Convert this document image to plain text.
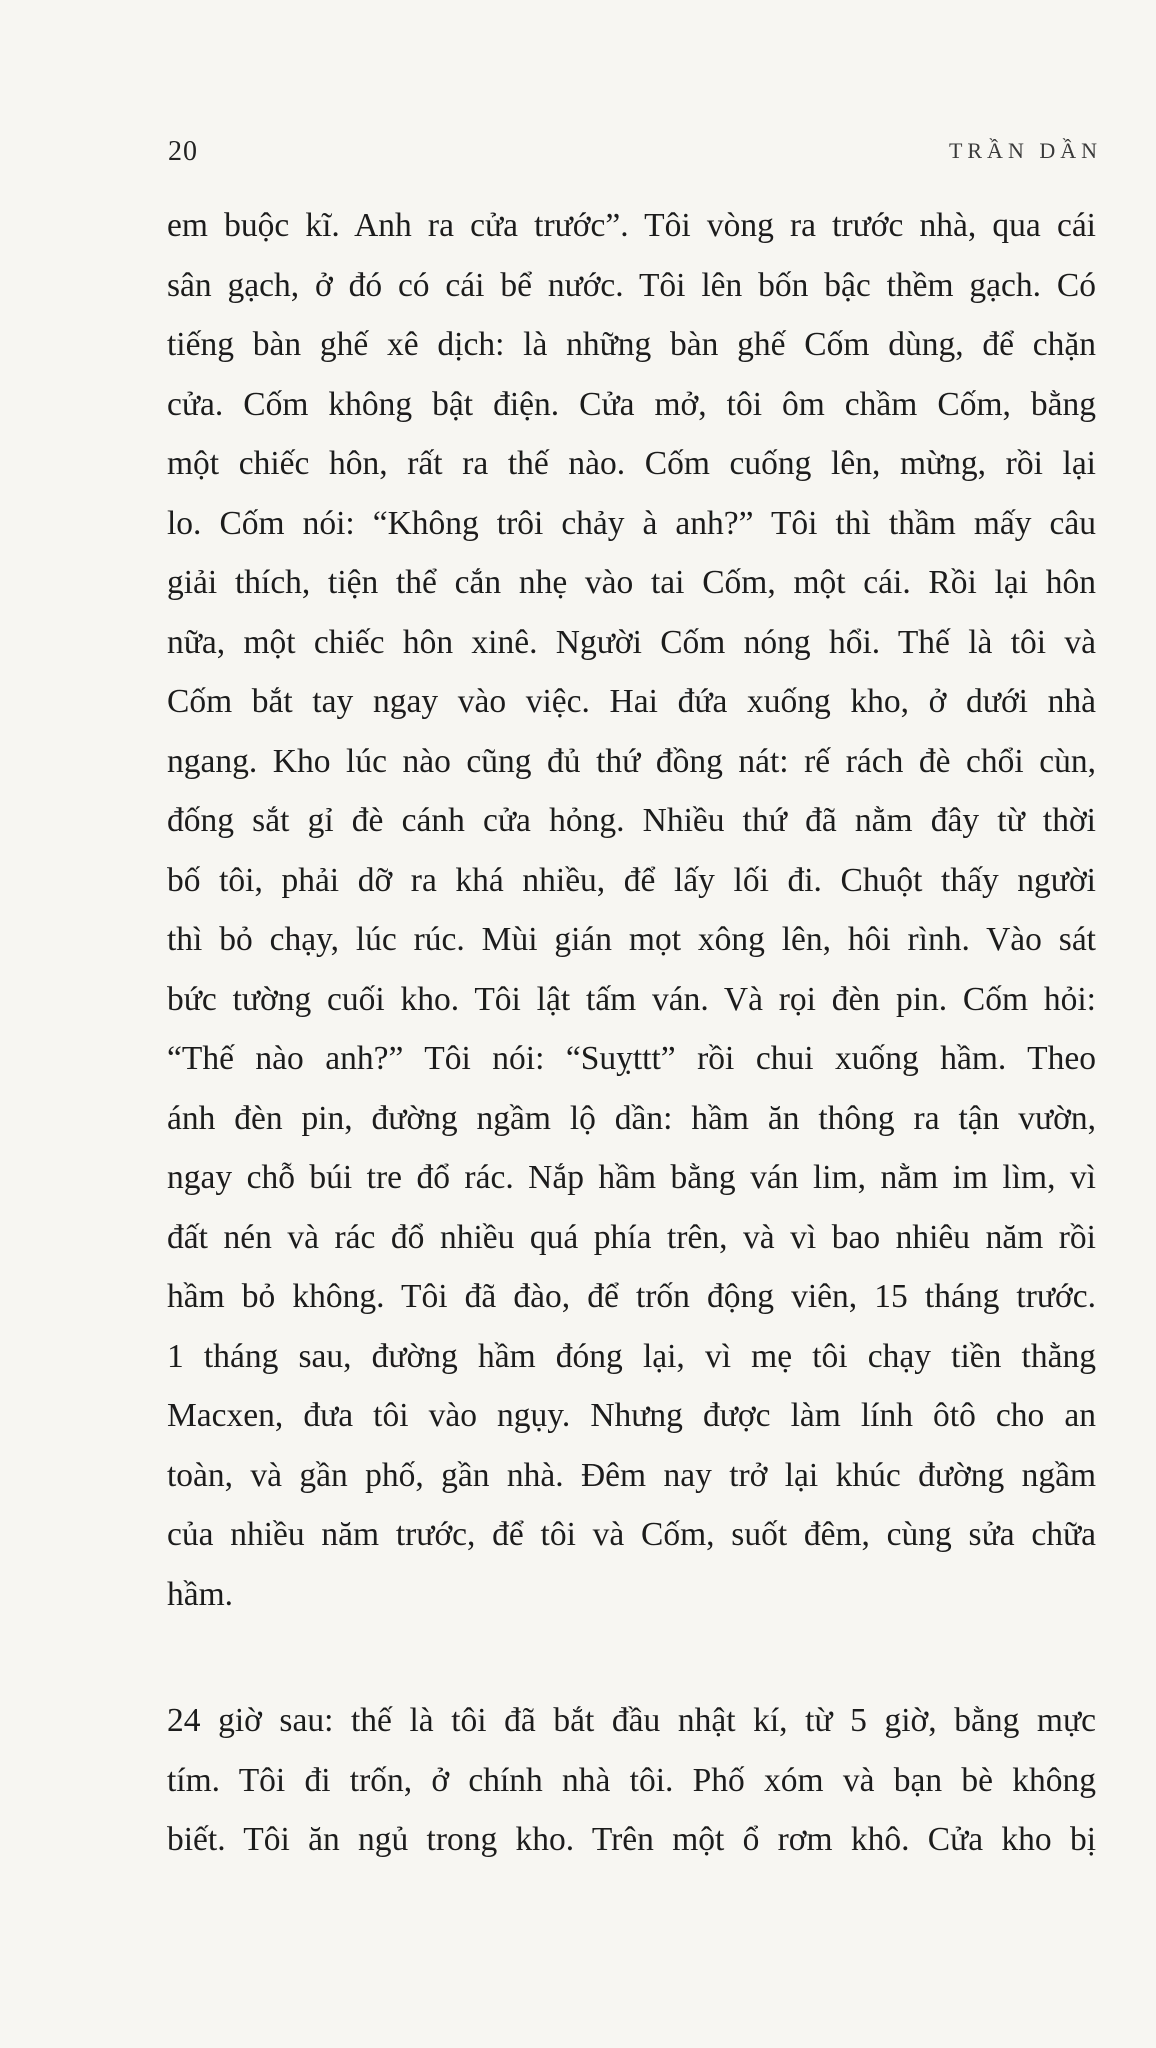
20	TRẦN DẦN
em buộc kĩ. Anh ra cửa trước”. Tôi vòng ra trước nhà, qua cái
sân gạch, ở đó có cái bể nước. Tôi lên bốn bậc thềm gạch. Có
tiếng bàn ghế xê dịch: là những bàn ghế Cốm dùng, để chặn
cửa. Cốm không bật điện. Cửa mở, tôi ôm chầm Cốm, bằng
một chiếc hôn, rất ra thế nào. Cốm cuống lên, mừng, rồi lại
lo. Cốm nói: “Không trôi chảy à anh?” Tôi thì thầm mấy câu
giải thích, tiện thể cắn nhẹ vào tai Cốm, một cái. Rồi lại hôn
nữa, một chiếc hôn xinê. Người Cốm nóng hổi. Thế là tôi và
Cốm bắt tay ngay vào việc. Hai đứa xuống kho, ở dưới nhà
ngang. Kho lúc nào cũng đủ thứ đồng nát: rế rách đè chổi cùn,
đống sắt gỉ đè cánh cửa hỏng. Nhiều thứ đã nằm đây từ thời
bố tôi, phải dỡ ra khá nhiều, để lấy lối đi. Chuột thấy người
thì bỏ chạy, lúc rúc. Mùi gián mọt xông lên, hôi rình. Vào sát
bức tường cuối kho. Tôi lật tấm ván. Và rọi đèn pin. Cốm hỏi:
“Thế nào anh?” Tôi nói: “Suỵttt” rồi chui xuống hầm. Theo
ánh đèn pin, đường ngầm lộ dần: hầm ăn thông ra tận vườn,
ngay chỗ búi tre đổ rác. Nắp hầm bằng ván lim, nằm im lìm, vì
đất nén và rác đổ nhiều quá phía trên, và vì bao nhiêu năm rồi
hầm bỏ không. Tôi đã đào, để trốn động viên, 15 tháng trước.
1 tháng sau, đường hầm đóng lại, vì mẹ tôi chạy tiền thằng
Macxen, đưa tôi vào ngụy. Nhưng được làm lính ôtô cho an
toàn, và gần phố, gần nhà. Đêm nay trở lại khúc đường ngầm
của nhiều năm trước, để tôi và Cốm, suốt đêm, cùng sửa chữa
hầm.
24 giờ sau: thế là tôi đã bắt đầu nhật kí, từ 5 giờ, bằng mực
tím. Tôi đi trốn, ở chính nhà tôi. Phố xóm và bạn bè không
biết. Tôi ăn ngủ trong kho. Trên một ổ rơm khô. Cửa kho bị
